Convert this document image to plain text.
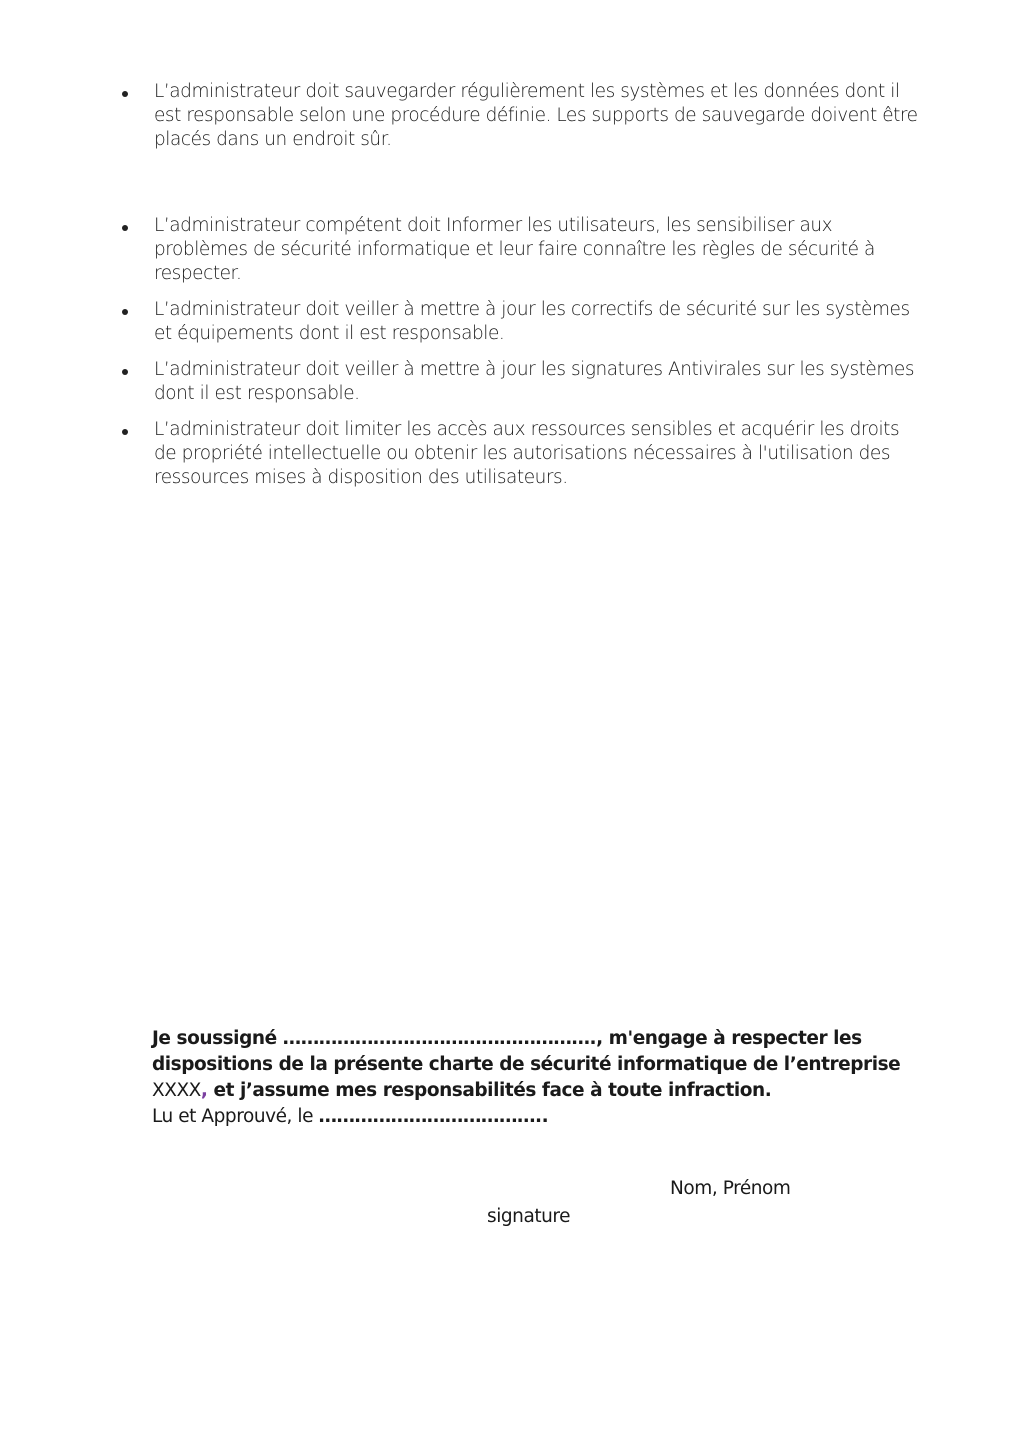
L’administrateur doit sauvegarder régulièrement les systèmes et les données dont il est responsable selon une procédure définie. Les supports de sauvegarde doivent être placés dans un endroit sûr.
L’administrateur compétent doit Informer les utilisateurs, les sensibiliser aux problèmes de sécurité informatique et leur faire connaître les règles de sécurité à respecter.
L’administrateur doit veiller à mettre à jour les correctifs de sécurité sur les systèmes et équipements dont il est responsable.
L’administrateur doit veiller à mettre à jour les signatures Antivirales sur les systèmes dont il est responsable.
L’administrateur doit limiter les accès aux ressources sensibles et acquérir les droits de propriété intellectuelle ou obtenir les autorisations nécessaires à l'utilisation des ressources mises à disposition des utilisateurs.
Je soussigné ……………………………………………., m'engage à respecter les dispositions de la présente charte de sécurité informatique de l’entreprise XXXX, et j’assume mes responsabilités face à toute infraction.
Lu et Approuvé, le ………………………………..
Nom, Prénom
signature
